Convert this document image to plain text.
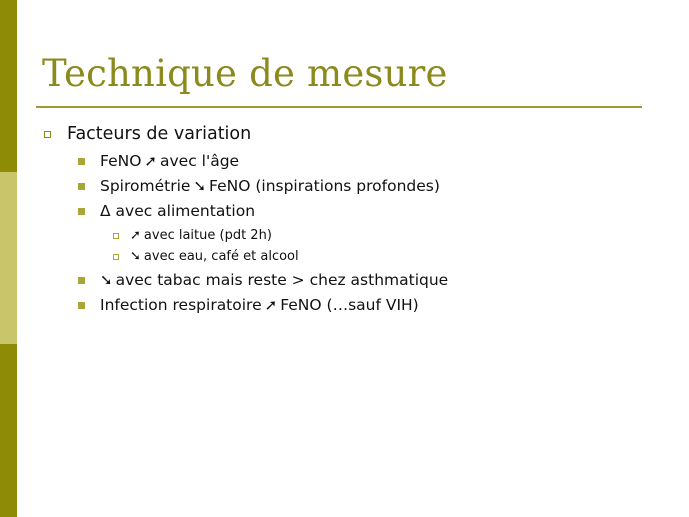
Technique de mesure
Facteurs de variation
FeNO ➚ avec l'âge
Spirométrie ➘ FeNO (inspirations profondes)
Δ avec alimentation
➚ avec laitue (pdt 2h)
➘ avec eau, café et alcool
➘ avec tabac mais reste > chez asthmatique
Infection respiratoire ➚ FeNO (…sauf VIH)
